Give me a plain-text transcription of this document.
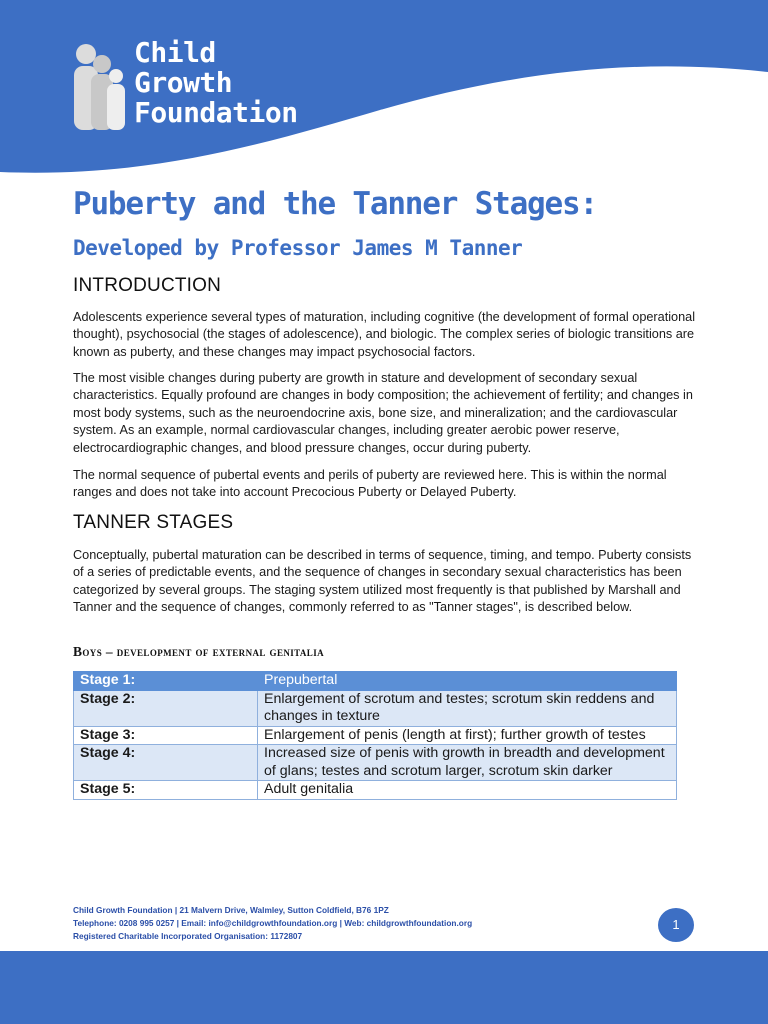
Child
Growth
Foundation
Puberty and the Tanner Stages:
Developed by Professor James M Tanner
INTRODUCTION

Adolescents experience several types of maturation, including cognitive (the development of formal operational thought), psychosocial (the stages of adolescence), and biologic. The complex series of biologic transitions are known as puberty, and these changes may impact psychosocial factors.

The most visible changes during puberty are growth in stature and development of secondary sexual characteristics. Equally profound are changes in body composition; the achievement of fertility; and changes in most body systems, such as the neuroendocrine axis, bone size, and mineralization; and the cardiovascular system. As an example, normal cardiovascular changes, including greater aerobic power reserve, electrocardiographic changes, and blood pressure changes, occur during puberty.

The normal sequence of pubertal events and perils of puberty are reviewed here. This is within the normal ranges and does not take into account Precocious Puberty or Delayed Puberty.

TANNER STAGES

Conceptually, pubertal maturation can be described in terms of sequence, timing, and tempo. Puberty consists of a series of predictable events, and the sequence of changes in secondary sexual characteristics has been categorized by several groups. The staging system utilized most frequently is that published by Marshall and Tanner and the sequence of changes, commonly referred to as "Tanner stages", is described below.

Boys – development of external genitalia
Stage 1:	Prepubertal
Stage 2:	Enlargement of scrotum and testes; scrotum skin reddens and changes in texture
Stage 3:	Enlargement of penis (length at first); further growth of testes
Stage 4:	Increased size of penis with growth in breadth and development of glans; testes and scrotum larger, scrotum skin darker
Stage 5:	Adult genitalia
Child Growth Foundation | 21 Malvern Drive, Walmley, Sutton Coldfield, B76 1PZ
Telephone: 0208 995 0257 | Email: info@childgrowthfoundation.org | Web: childgrowthfoundation.org
Registered Charitable Incorporated Organisation: 1172807
1
